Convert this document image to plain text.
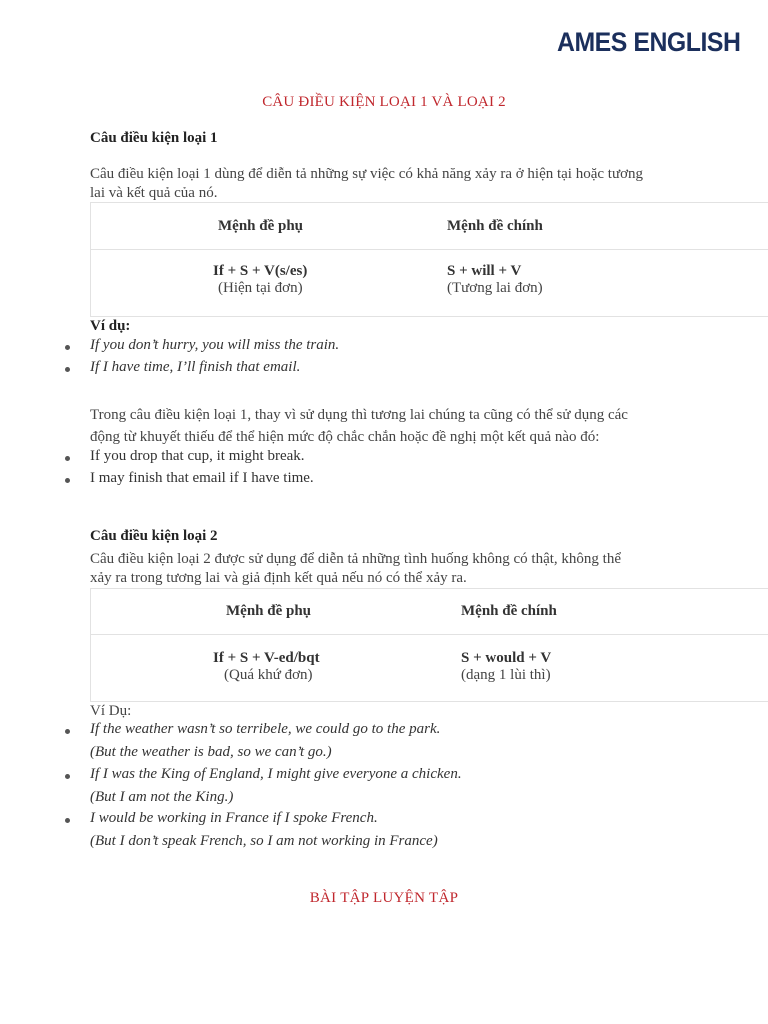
AMES ENGLISH
CÂU ĐIỀU KIỆN LOẠI 1 VÀ LOẠI 2
Câu điều kiện loại 1
Câu điều kiện loại 1 dùng để diễn tả những sự việc có khả năng xảy ra ở hiện tại hoặc tương
lai và kết quả của nó.
Mệnh đề phụ	Mệnh đề chính
If + S + V(s/es)
(Hiện tại đơn)
S + will + V
(Tương lai đơn)
Ví dụ:
If you don’t hurry, you will miss the train.
If I have time, I’ll finish that email.
Trong câu điều kiện loại 1, thay vì sử dụng thì tương lai chúng ta cũng có thể sử dụng các
động từ khuyết thiếu để thể hiện mức độ chắc chắn hoặc đề nghị một kết quả nào đó:
If you drop that cup, it might break.
I may finish that email if I have time.
Câu điều kiện loại 2
Câu điều kiện loại 2 được sử dụng để diễn tả những tình huống không có thật, không thể
xảy ra trong tương lai và giả định kết quả nếu nó có thể xảy ra.
Mệnh đề phụ	Mệnh đề chính
If + S + V-ed/bqt
(Quá khứ đơn)
S + would + V
(dạng 1 lùi thì)
Ví Dụ:
If the weather wasn’t so terribele, we could go to the park.
(But the weather is bad, so we can’t go.)
If I was the King of England, I might give everyone a chicken.
(But I am not the King.)
I would be working in France if I spoke French.
(But I don’t speak French, so I am not working in France)
BÀI TẬP LUYỆN TẬP
